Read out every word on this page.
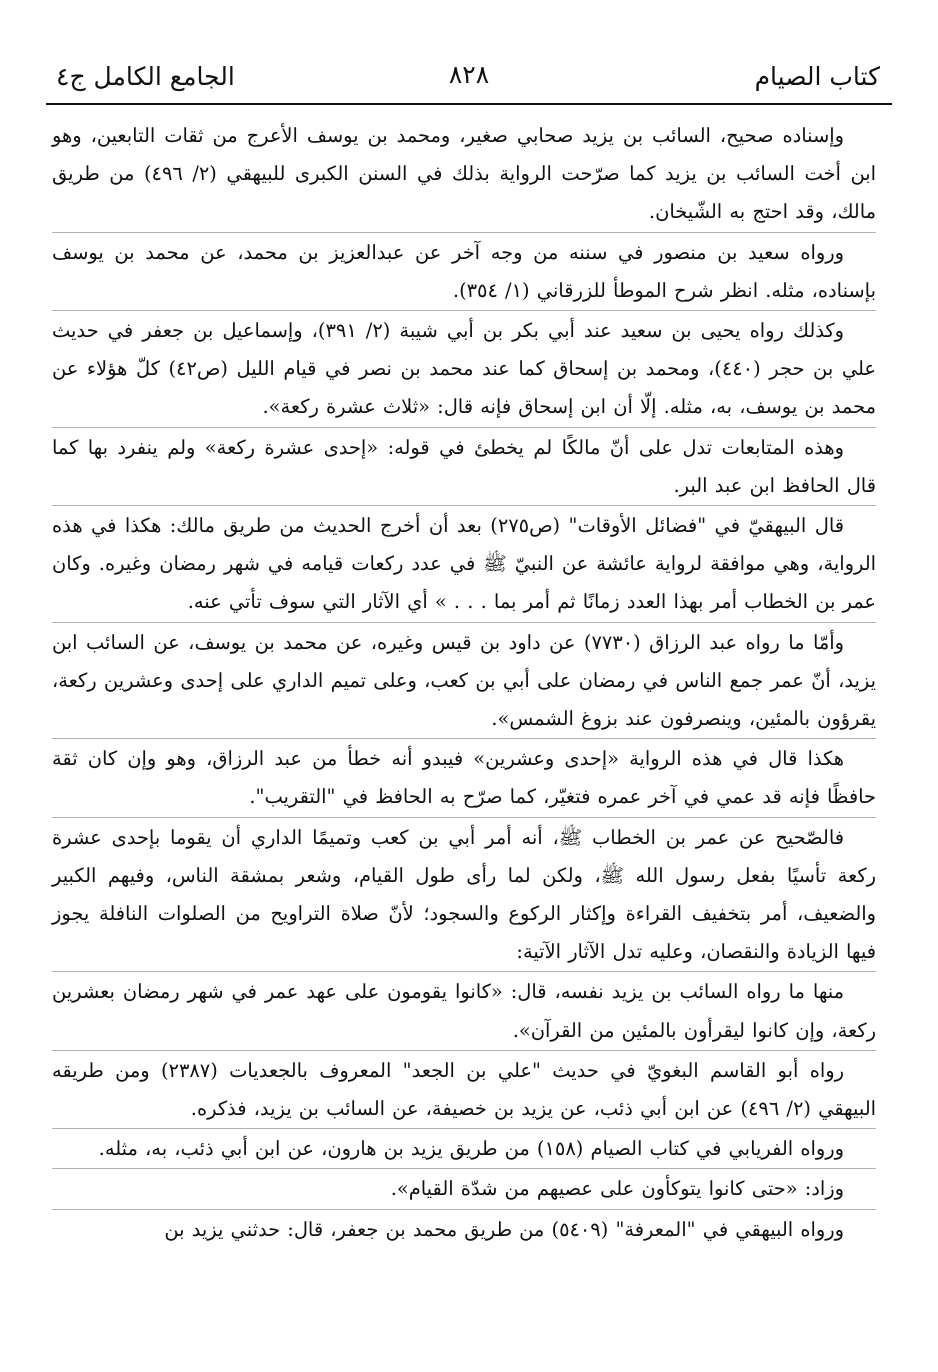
كتاب الصيام
٨٢٨
الجامع الكامل ج٤

وإسناده صحيح، السائب بن يزيد صحابي صغير، ومحمد بن يوسف الأعرج من ثقات التابعين، وهو ابن أخت السائب بن يزيد كما صرّحت الرواية بذلك في السنن الكبرى للبيهقي (٢/ ٤٩٦) من طريق مالك، وقد احتج به الشّيخان.

ورواه سعيد بن منصور في سننه من وجه آخر عن عبدالعزيز بن محمد، عن محمد بن يوسف بإسناده، مثله. انظر شرح الموطأ للزرقاني (١/ ٣٥٤).

وكذلك رواه يحيى بن سعيد عند أبي بكر بن أبي شيبة (٢/ ٣٩١)، وإسماعيل بن جعفر في حديث علي بن حجر (٤٤٠)، ومحمد بن إسحاق كما عند محمد بن نصر في قيام الليل (ص٤٢) كلّ هؤلاء عن محمد بن يوسف، به، مثله. إلّا أن ابن إسحاق فإنه قال: «ثلاث عشرة ركعة».

وهذه المتابعات تدل على أنّ مالكًا لم يخطئ في قوله: «إحدى عشرة ركعة» ولم ينفرد بها كما قال الحافظ ابن عبد البر.

قال البيهقيّ في "فضائل الأوقات" (ص٢٧٥) بعد أن أخرج الحديث من طريق مالك: هكذا في هذه الرواية، وهي موافقة لرواية عائشة عن النبيّ ﷺ في عدد ركعات قيامه في شهر رمضان وغيره. وكان عمر بن الخطاب أمر بهذا العدد زمانًا ثم أمر بما . . . » أي الآثار التي سوف تأتي عنه.

وأمّا ما رواه عبد الرزاق (٧٧٣٠) عن داود بن قيس وغيره، عن محمد بن يوسف، عن السائب ابن يزيد، أنّ عمر جمع الناس في رمضان على أبي بن كعب، وعلى تميم الداري على إحدى وعشرين ركعة، يقرؤون بالمئين، وينصرفون عند بزوغ الشمس».

هكذا قال في هذه الرواية «إحدى وعشرين» فيبدو أنه خطأ من عبد الرزاق، وهو وإن كان ثقة حافظًا فإنه قد عمي في آخر عمره فتغيّر، كما صرّح به الحافظ في "التقريب".

فالصّحيح عن عمر بن الخطاب ﷺ، أنه أمر أبي بن كعب وتميمًا الداري أن يقوما بإحدى عشرة ركعة تأسيًا بفعل رسول الله ﷺ، ولكن لما رأى طول القيام، وشعر بمشقة الناس، وفيهم الكبير والضعيف، أمر بتخفيف القراءة وإكثار الركوع والسجود؛ لأنّ صلاة التراويح من الصلوات النافلة يجوز فيها الزيادة والنقصان، وعليه تدل الآثار الآتية:

منها ما رواه السائب بن يزيد نفسه، قال: «كانوا يقومون على عهد عمر في شهر رمضان بعشرين ركعة، وإن كانوا ليقرأون بالمئين من القرآن».

رواه أبو القاسم البغويّ في حديث "علي بن الجعد" المعروف بالجعديات (٢٣٨٧) ومن طريقه البيهقي (٢/ ٤٩٦) عن ابن أبي ذئب، عن يزيد بن خصيفة، عن السائب بن يزيد، فذكره.

ورواه الفريابي في كتاب الصيام (١٥٨) من طريق يزيد بن هارون، عن ابن أبي ذئب، به، مثله.

وزاد: «حتى كانوا يتوكأون على عصيهم من شدّة القيام».

ورواه البيهقي في "المعرفة" (٥٤٠٩) من طريق محمد بن جعفر، قال: حدثني يزيد بن
